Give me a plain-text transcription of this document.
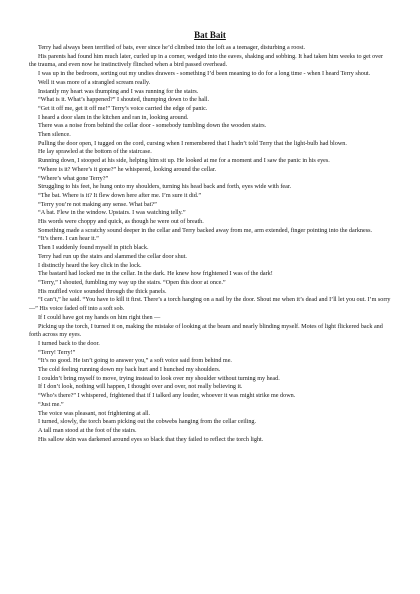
Bat Bait

Terry had always been terrified of bats, ever since he’d climbed into the loft as a teenager, disturbing a roost.

His parents had found him much later, curled up in a corner, wedged into the eaves, shaking and sobbing. It had taken him weeks to get over the trauma, and even now he instinctively flinched when a bird passed overhead.

I was up in the bedroom, sorting out my undies drawers - something I’d been meaning to do for a long time - when I heard Terry shout.

Well it was more of a strangled scream really.

Instantly my heart was thumping and I was running for the stairs.

“What is it. What’s happened?” I shouted, thumping down to the hall.

“Get it off me, get it off me!” Terry’s voice carried the edge of panic.

I heard a door slam in the kitchen and ran in, looking around.

There was a noise from behind the cellar door - somebody tumbling down the wooden stairs.

Then silence.

Pulling the door open, I tugged on the cord, cursing when I remembered that I hadn’t told Terry that the light-bulb had blown.

He lay sprawled at the bottom of the staircase.

Running down, I stooped at his side, helping him sit up. He looked at me for a moment and I saw the panic in his eyes.

“Where is it? Where’s it gone?” he whispered, looking around the cellar.

“Where’s what gone Terry?”

Struggling to his feet, he hung onto my shoulders, turning his head back and forth, eyes wide with fear.

“The bat. Where is it? It flew down here after me. I’m sure it did.”

“Terry you’re not making any sense. What bat?”

“A bat. Flew in the window. Upstairs. I was watching telly.”

His words were choppy and quick, as though he were out of breath.

Something made a scratchy sound deeper in the cellar and Terry backed away from me, arm extended, finger pointing into the darkness.

“It’s there. I can hear it.”

Then I suddenly found myself in pitch black.

Terry had run up the stairs and slammed the cellar door shut.

I distinctly heard the key click in the lock.

The bastard had locked me in the cellar. In the dark. He knew how frightened I was of the dark!

“Terry,” I shouted, fumbling my way up the stairs. “Open this door at once.”

His muffled voice sounded through the thick panels.

“I can’t,” he said. “You have to kill it first. There’s a torch hanging on a nail by the door. Shout me when it’s dead and I’ll let you out. I’m sorry —” His voice faded off into a soft sob.

If I could have got my hands on him right then —

Picking up the torch, I turned it on, making the mistake of looking at the beam and nearly blinding myself. Motes of light flickered back and forth across my eyes.

I turned back to the door.

“Terry! Terry!”

“It’s no good. He isn’t going to answer you,” a soft voice said from behind me.

The cold feeling running down my back hurt and I hunched my shoulders.

I couldn’t bring myself to move, trying instead to look over my shoulder without turning my head.

If I don’t look, nothing will happen, I thought over and over, not really believing it.

“Who’s there?” I whispered, frightened that if I talked any louder, whoever it was might strike me down.

“Just me.”

The voice was pleasant, not frightening at all.

I turned, slowly, the torch beam picking out the cobwebs hanging from the cellar ceiling.

A tall man stood at the foot of the stairs.

His sallow skin was darkened around eyes so black that they failed to reflect the torch light.
